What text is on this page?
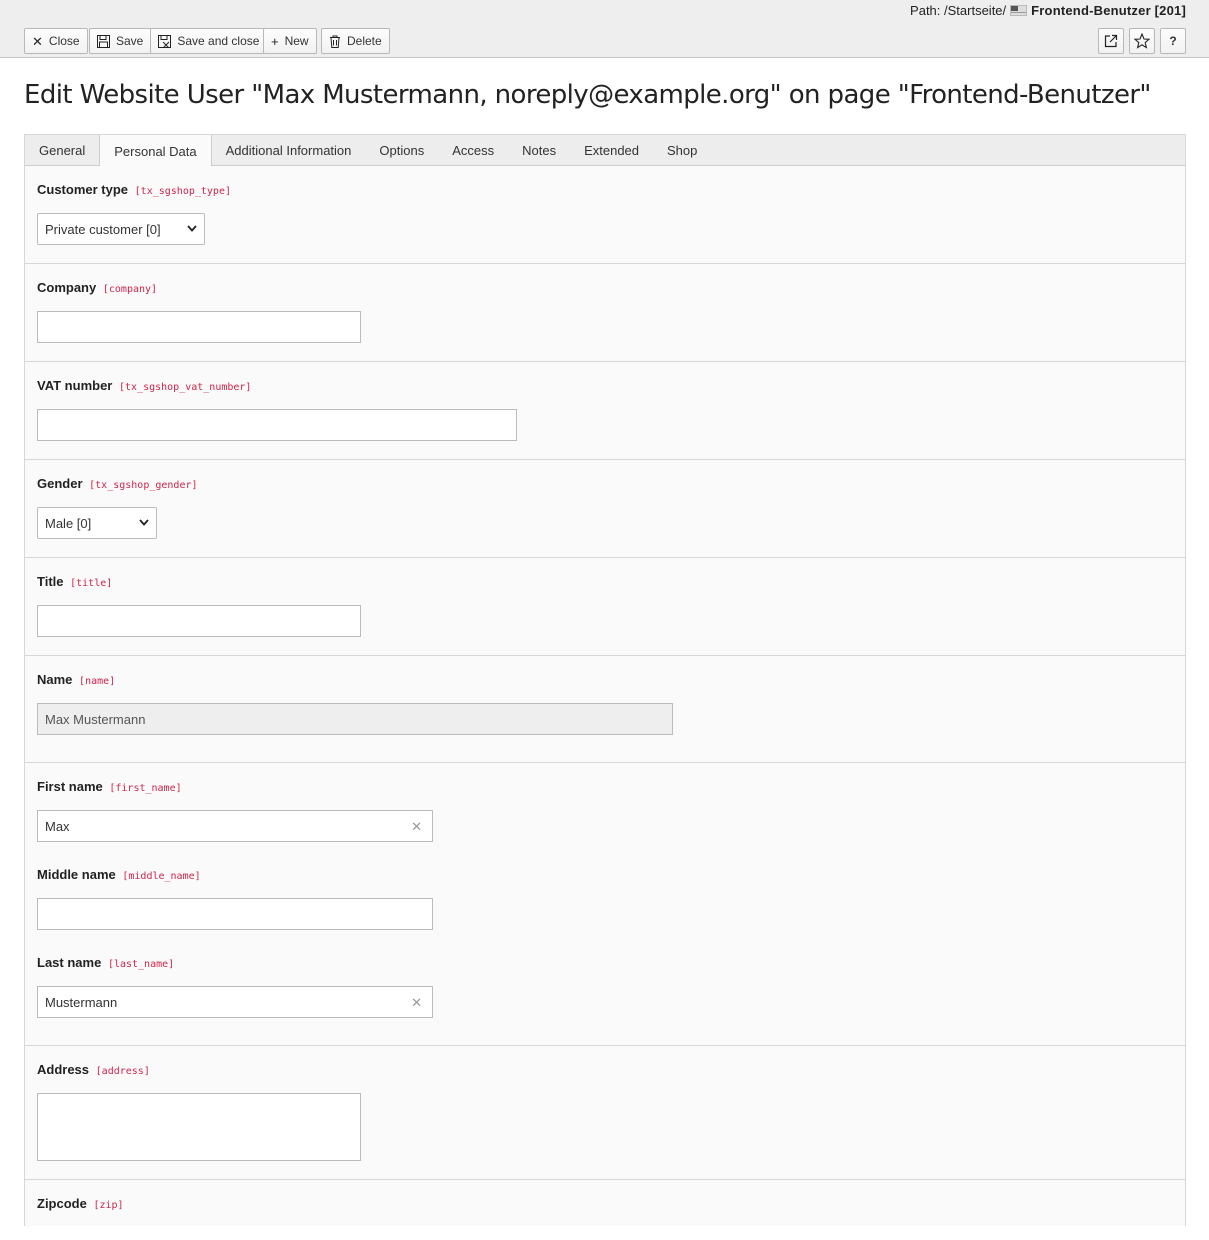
Path: /Startseite/ Frontend-Benutzer [201]
✕ Close	Save	Save and close + New	Delete	?
Edit Website User "Max Mustermann, noreply@example.org" on page "Frontend-Benutzer"
General	Personal Data	Additional Information	Options	Access	Notes	Extended	Shop
Customer type [tx_sgshop_type]
Private customer [0]
Company [company]
VAT number [tx_sgshop_vat_number]
Gender [tx_sgshop_gender]
Male [0]
Title [title]
Name [name]
Max Mustermann
First name [first_name]
Max	✕
Middle name [middle_name]
Last name [last_name]
Mustermann	✕
Address [address]
Zipcode [zip]
